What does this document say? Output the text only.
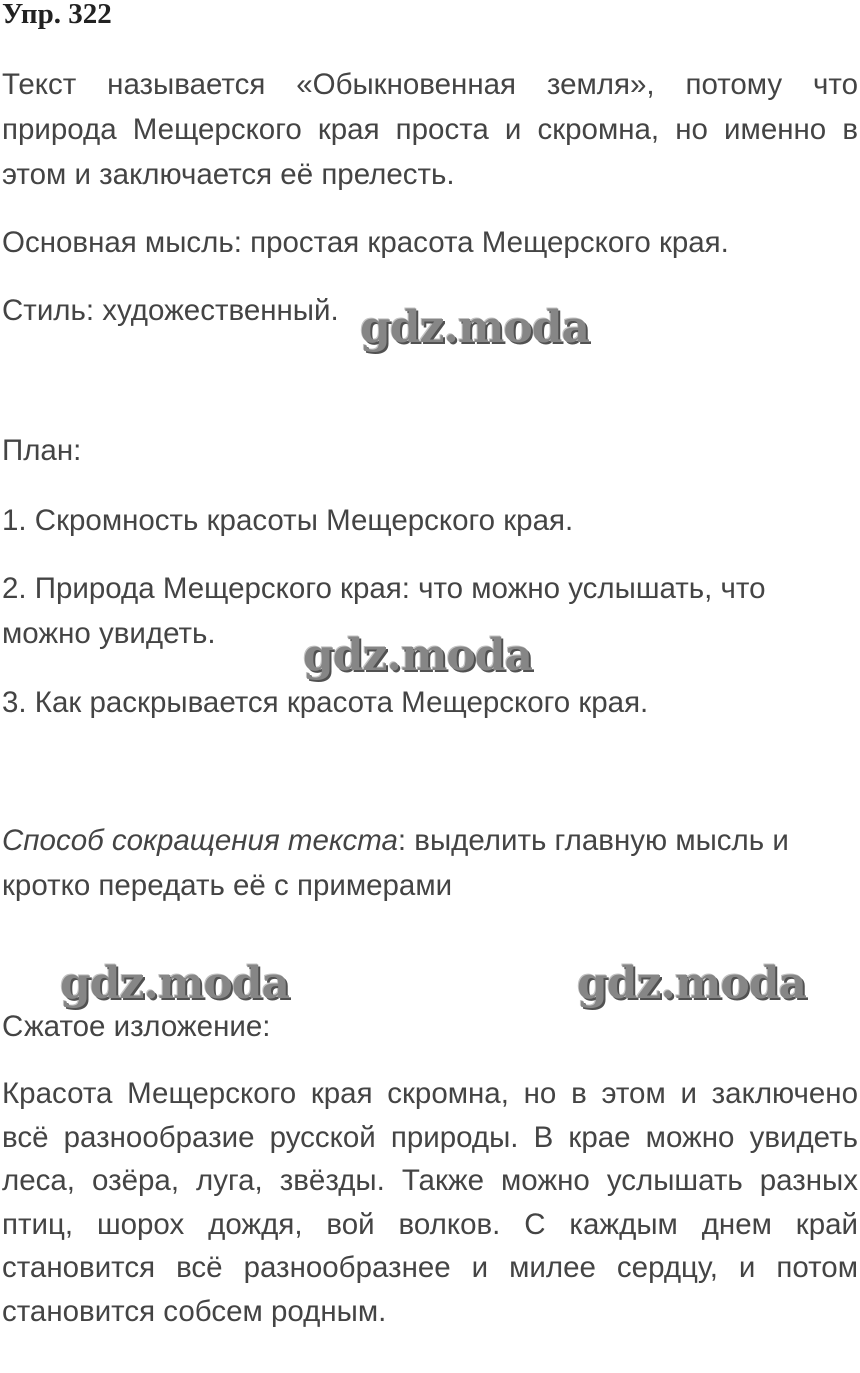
Упр. 322

Текст называется «Обыкновенная земля», потому что природа Мещерского края проста и скромна, но именно в этом и заключается её прелесть.

Основная мысль: простая красота Мещерского края.

Стиль: художественный. gdz.moda

План:

1. Скромность красоты Мещерского края.

2. Природа Мещерского края: что можно услышать, что можно увидеть.	gdz.moda

3. Как раскрывается красота Мещерского края.

Способ сокращения текста: выделить главную мысль и кротко передать её с примерами

gdz.moda	gdz.moda

Сжатое изложение:

Красота Мещерского края скромна, но в этом и заключено всё разнообразие русской природы. В крае можно увидеть леса, озёра, луга, звёзды. Также можно услышать разных птиц, шорох дождя, вой волков. С каждым днем край становится всё разнообразнее и милее сердцу, и потом становится собсем родным.
